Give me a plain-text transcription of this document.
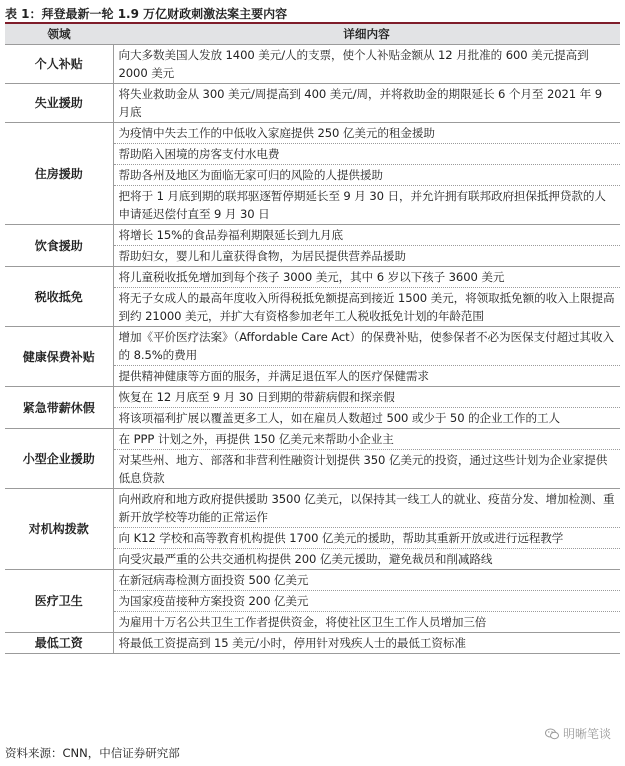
表 1：拜登最新一轮 1.9 万亿财政刺激法案主要内容
领域	详细内容
个人补贴	向大多数美国人发放 1400 美元/人的支票，使个人补贴金额从 12 月批准的 600 美元提高到 2000 美元
失业援助	将失业救助金从 300 美元/周提高到 400 美元/周，并将救助金的期限延长 6 个月至 2021 年 9 月底
住房援助	为疫情中失去工作的中低收入家庭提供 250 亿美元的租金援助
	帮助陷入困境的房客支付水电费
	帮助各州及地区为面临无家可归的风险的人提供援助
	把将于 1 月底到期的联邦驱逐暂停期延长至 9 月 30 日，并允许拥有联邦政府担保抵押贷款的人申请延迟偿付直至 9 月 30 日
饮食援助	将增长 15%的食品券福利期限延长到九月底
	帮助妇女，婴儿和儿童获得食物，为居民提供营养品援助
税收抵免	将儿童税收抵免增加到每个孩子 3000 美元，其中 6 岁以下孩子 3600 美元
	将无子女成人的最高年度收入所得税抵免额提高到接近 1500 美元，将领取抵免额的收入上限提高到约 21000 美元，并扩大有资格参加老年工人税收抵免计划的年龄范围
健康保费补贴	增加《平价医疗法案》（Affordable Care Act）的保费补贴，使参保者不必为医保支付超过其收入的 8.5%的费用
	提供精神健康等方面的服务，并满足退伍军人的医疗保健需求
紧急带薪休假	恢复在 12 月底至 9 月 30 日到期的带薪病假和探亲假
	将该项福利扩展以覆盖更多工人，如在雇员人数超过 500 或少于 50 的企业工作的工人
小型企业援助	在 PPP 计划之外，再提供 150 亿美元来帮助小企业主
	对某些州、地方、部落和非营利性融资计划提供 350 亿美元的投资，通过这些计划为企业家提供低息贷款
对机构拨款	向州政府和地方政府提供援助 3500 亿美元，以保持其一线工人的就业、疫苗分发、增加检测、重新开放学校等功能的正常运作
	向 K12 学校和高等教育机构提供 1700 亿美元的援助，帮助其重新开放或进行远程教学
	向受灾最严重的公共交通机构提供 200 亿美元援助，避免裁员和削减路线
医疗卫生	在新冠病毒检测方面投资 500 亿美元
	为国家疫苗接种方案投资 200 亿美元
	为雇用十万名公共卫生工作者提供资金，将使社区卫生工作人员增加三倍
最低工资	将最低工资提高到 15 美元/小时，停用针对残疾人士的最低工资标准
资料来源：CNN，中信证券研究部
明晰笔谈
